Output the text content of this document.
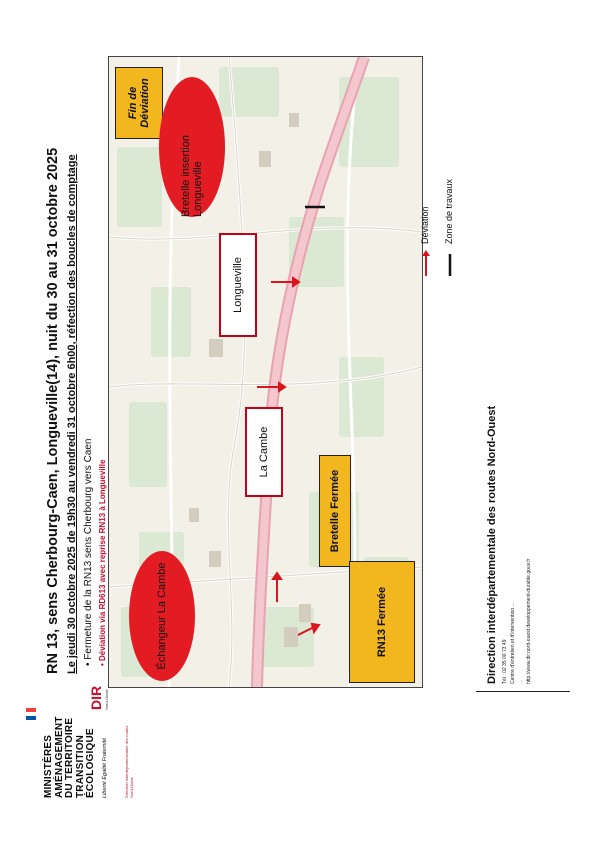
MINISTÈRES AMÉNAGEMENT DU TERRITOIRE TRANSITION ÉCOLOGIQUE Liberté Égalité Fraternité	Direction interdépartementale des routes Nord-Ouest
DIR Nord-Ouest
RN 13, sens Cherbourg-Caen, Longueville(14), nuit du 30 au 31 octobre 2025 Le jeudi 30 octobre 2025 de 19h30 au vendredi 31 octobre 6h00, réfection des boucles de comptage • Fermeture de la RN13 sens Cherbourg vers Caen
• Déviation via RD613 avec reprise RN13 à Longueville
Fin de Déviation
Bretelle insertion Longueville
Longueville
La Cambe
Bretelle Fermée
Échangeur La Cambe	RN13 Fermée
Déviation Zone de travaux
Direction interdépartementale des routes Nord-Ouest Tél : 02 35 00 73 49 Centre d'entretien et d'intervention ... ... http://www.dir.nord-ouest.developpement-durable.gouv.fr
